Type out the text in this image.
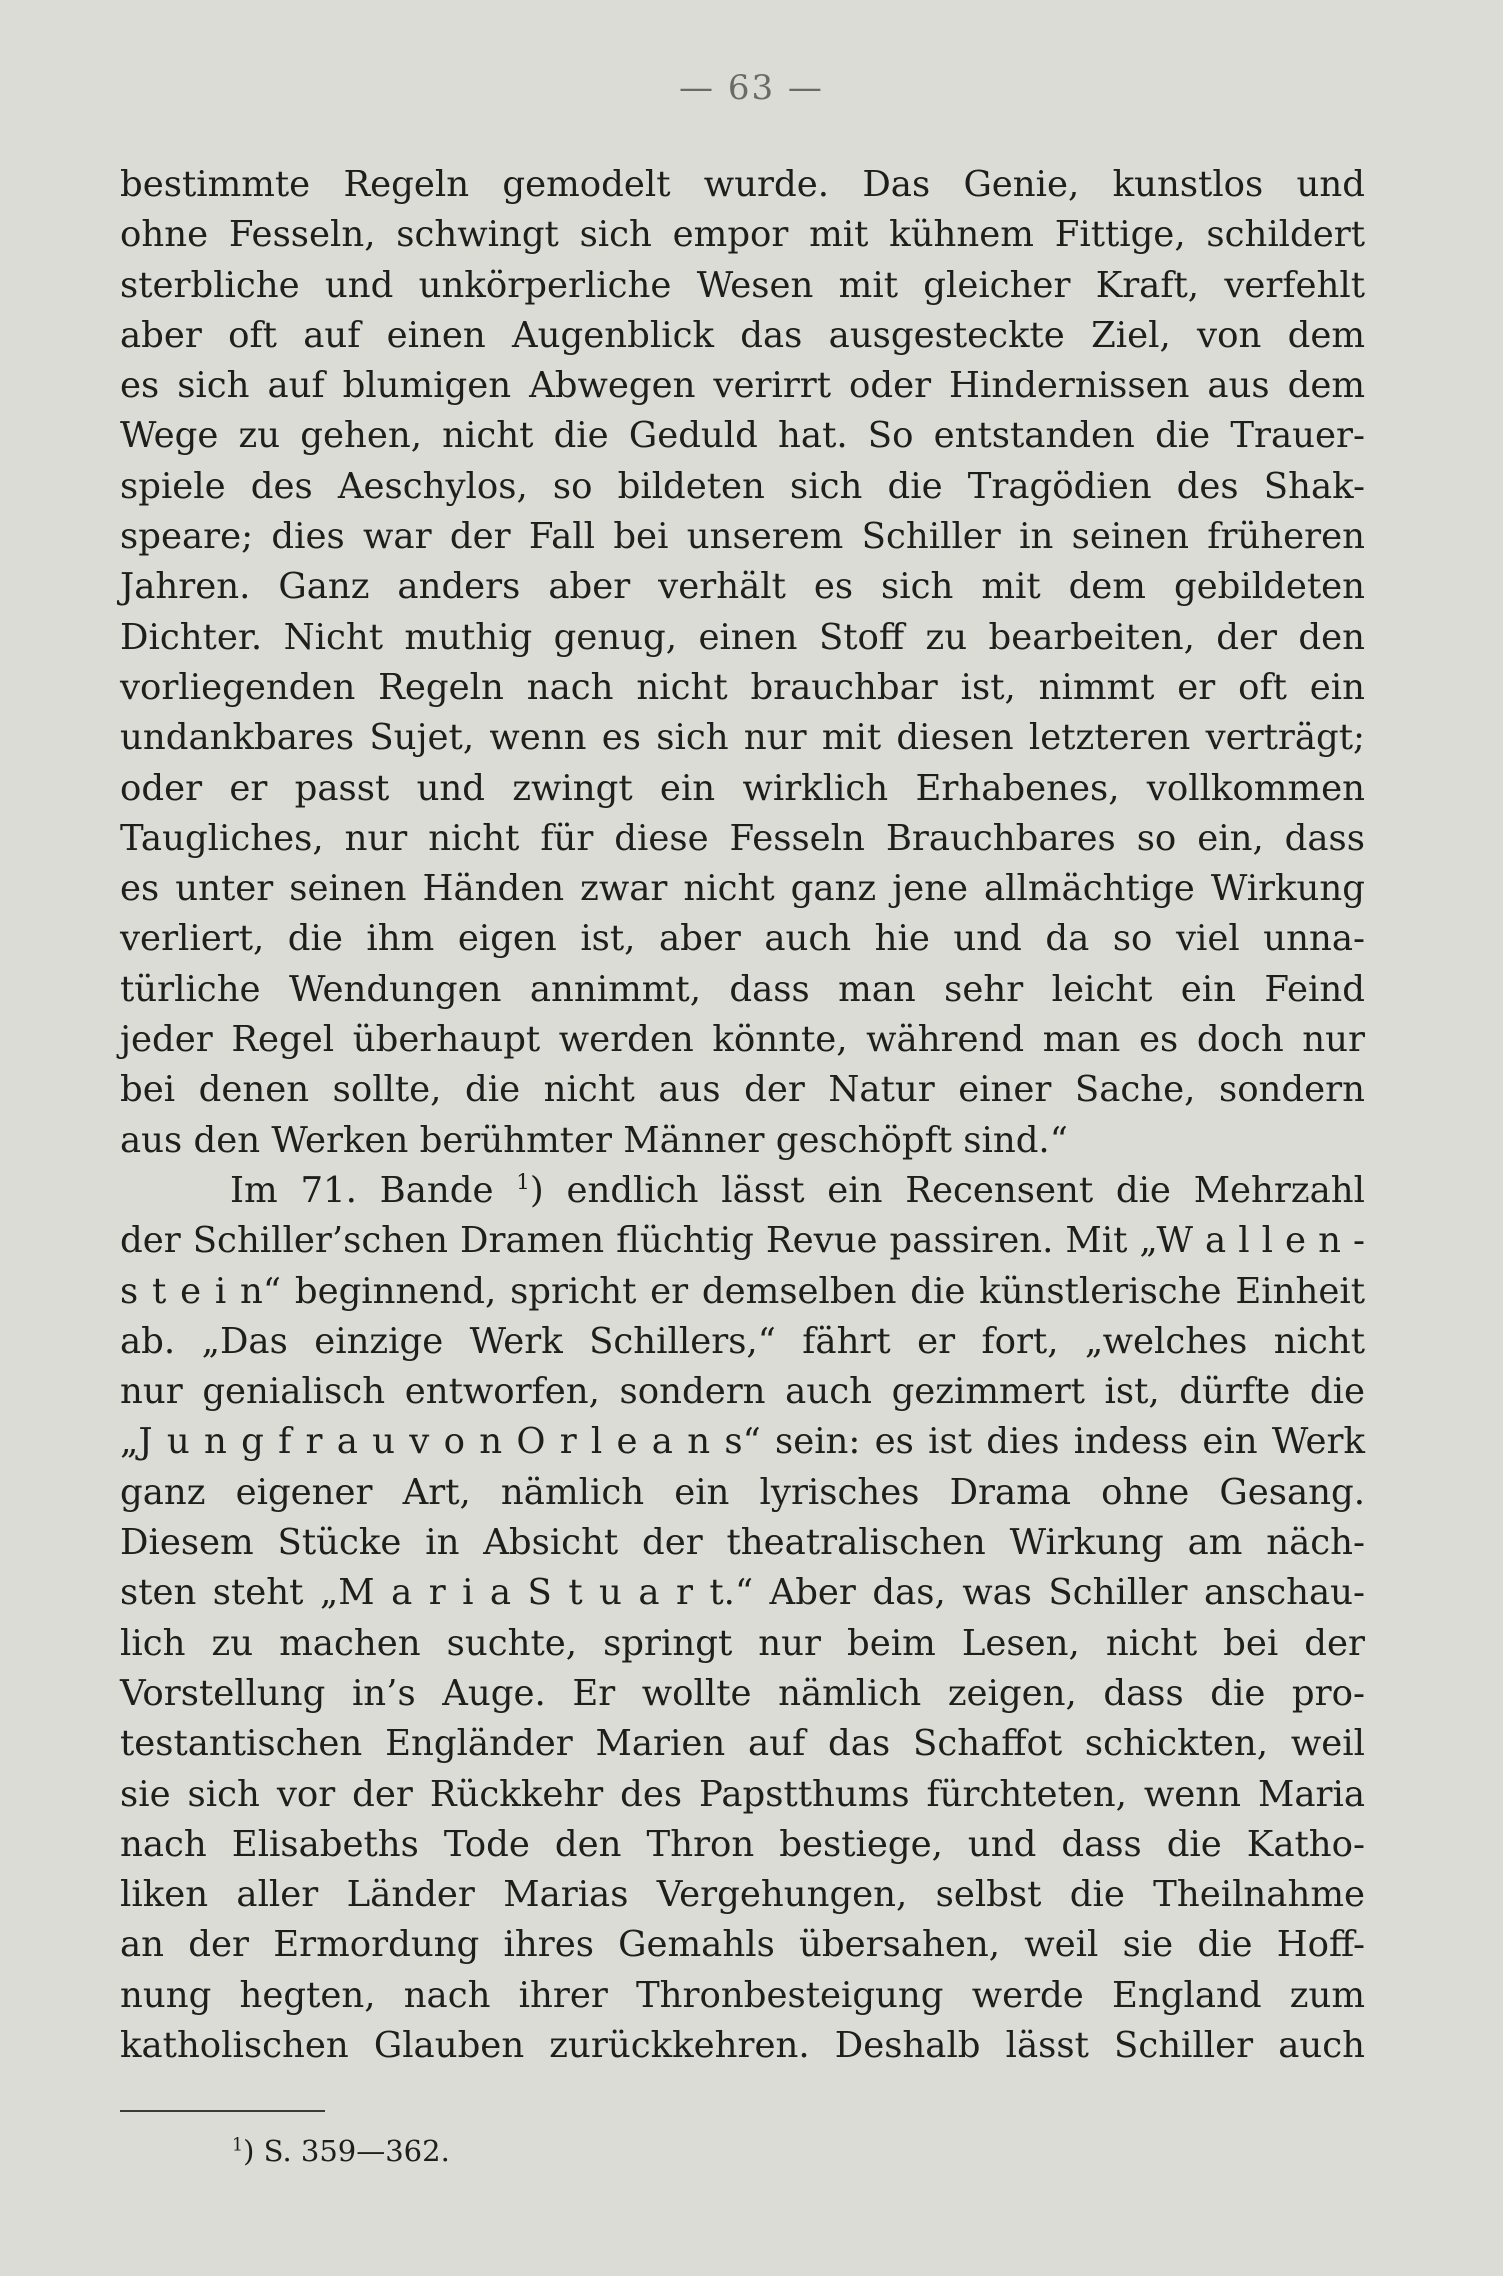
— 63 —
bestimmte Regeln gemodelt wurde. Das Genie, kunstlos und
ohne Fesseln, schwingt sich empor mit kühnem Fittige, schildert
sterbliche und unkörperliche Wesen mit gleicher Kraft, verfehlt
aber oft auf einen Augenblick das ausgesteckte Ziel, von dem
es sich auf blumigen Abwegen verirrt oder Hindernissen aus dem
Wege zu gehen, nicht die Geduld hat. So entstanden die Trauer-
spiele des Aeschylos, so bildeten sich die Tragödien des Shak-
speare; dies war der Fall bei unserem Schiller in seinen früheren
Jahren. Ganz anders aber verhält es sich mit dem gebildeten
Dichter. Nicht muthig genug, einen Stoff zu bearbeiten, der den
vorliegenden Regeln nach nicht brauchbar ist, nimmt er oft ein
undankbares Sujet, wenn es sich nur mit diesen letzteren verträgt;
oder er passt und zwingt ein wirklich Erhabenes, vollkommen
Taugliches, nur nicht für diese Fesseln Brauchbares so ein, dass
es unter seinen Händen zwar nicht ganz jene allmächtige Wirkung
verliert, die ihm eigen ist, aber auch hie und da so viel unna-
türliche Wendungen annimmt, dass man sehr leicht ein Feind
jeder Regel überhaupt werden könnte, während man es doch nur
bei denen sollte, die nicht aus der Natur einer Sache, sondern
aus den Werken berühmter Männer geschöpft sind.“
Im 71. Bande $^1$) endlich lässt ein Recensent die Mehrzahl
der Schiller’schen Dramen flüchtig Revue passiren. Mit „W a l l e n -
s t e i n“ beginnend, spricht er demselben die künstlerische Einheit
ab. „Das einzige Werk Schillers,“ fährt er fort, „welches nicht
nur genialisch entworfen, sondern auch gezimmert ist, dürfte die
„J u n g f r a u v o n O r l e a n s“ sein: es ist dies indess ein Werk
ganz eigener Art, nämlich ein lyrisches Drama ohne Gesang.
Diesem Stücke in Absicht der theatralischen Wirkung am näch-
sten steht „M a r i a S t u a r t.“ Aber das, was Schiller anschau-
lich zu machen suchte, springt nur beim Lesen, nicht bei der
Vorstellung in’s Auge. Er wollte nämlich zeigen, dass die pro-
testantischen Engländer Marien auf das Schaffot schickten, weil
sie sich vor der Rückkehr des Papstthums fürchteten, wenn Maria
nach Elisabeths Tode den Thron bestiege, und dass die Katho-
liken aller Länder Marias Vergehungen, selbst die Theilnahme
an der Ermordung ihres Gemahls übersahen, weil sie die Hoff-
nung hegten, nach ihrer Thronbesteigung werde England zum
katholischen Glauben zurückkehren. Deshalb lässt Schiller auch
$^1$) S. 359—362.
